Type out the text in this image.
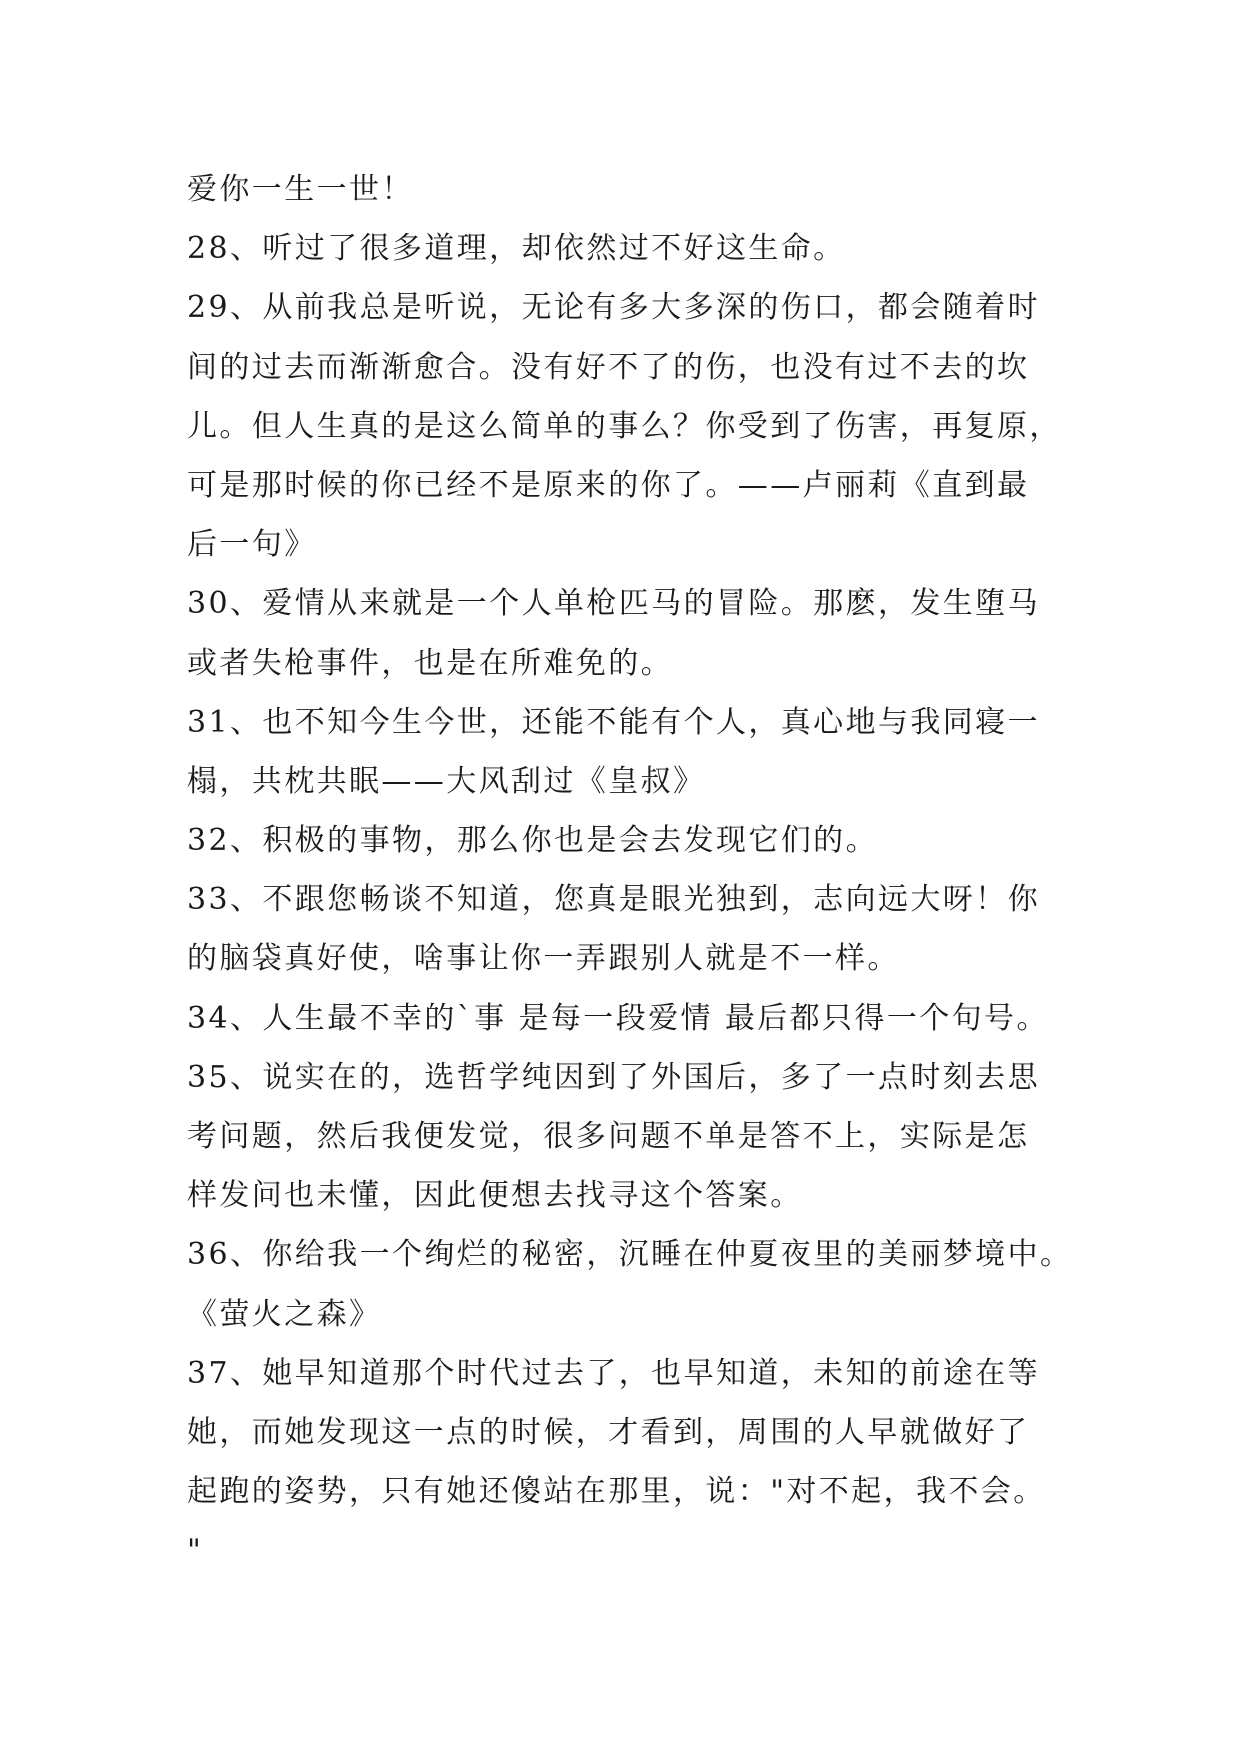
爱你一生一世！
28、听过了很多道理，却依然过不好这生命。
29、从前我总是听说，无论有多大多深的伤口，都会随着时
间的过去而渐渐愈合。没有好不了的伤，也没有过不去的坎
儿。但人生真的是这么简单的事么？你受到了伤害，再复原，
可是那时候的你已经不是原来的你了。——卢丽莉《直到最
后一句》
30、爱情从来就是一个人单枪匹马的冒险。那麽，发生堕马
或者失枪事件，也是在所难免的。
31、也不知今生今世，还能不能有个人，真心地与我同寝一
榻，共枕共眠——大风刮过《皇叔》
32、积极的事物，那么你也是会去发现它们的。
33、不跟您畅谈不知道，您真是眼光独到，志向远大呀！你
的脑袋真好使，啥事让你一弄跟别人就是不一样。
34、人生最不幸的`事 是每一段爱情 最后都只得一个句号。
35、说实在的，选哲学纯因到了外国后，多了一点时刻去思
考问题，然后我便发觉，很多问题不单是答不上，实际是怎
样发问也未懂，因此便想去找寻这个答案。
36、你给我一个绚烂的秘密，沉睡在仲夏夜里的美丽梦境中。
《萤火之森》
37、她早知道那个时代过去了，也早知道，未知的前途在等
她，而她发现这一点的时候，才看到，周围的人早就做好了
起跑的姿势，只有她还傻站在那里，说："对不起，我不会。
"
